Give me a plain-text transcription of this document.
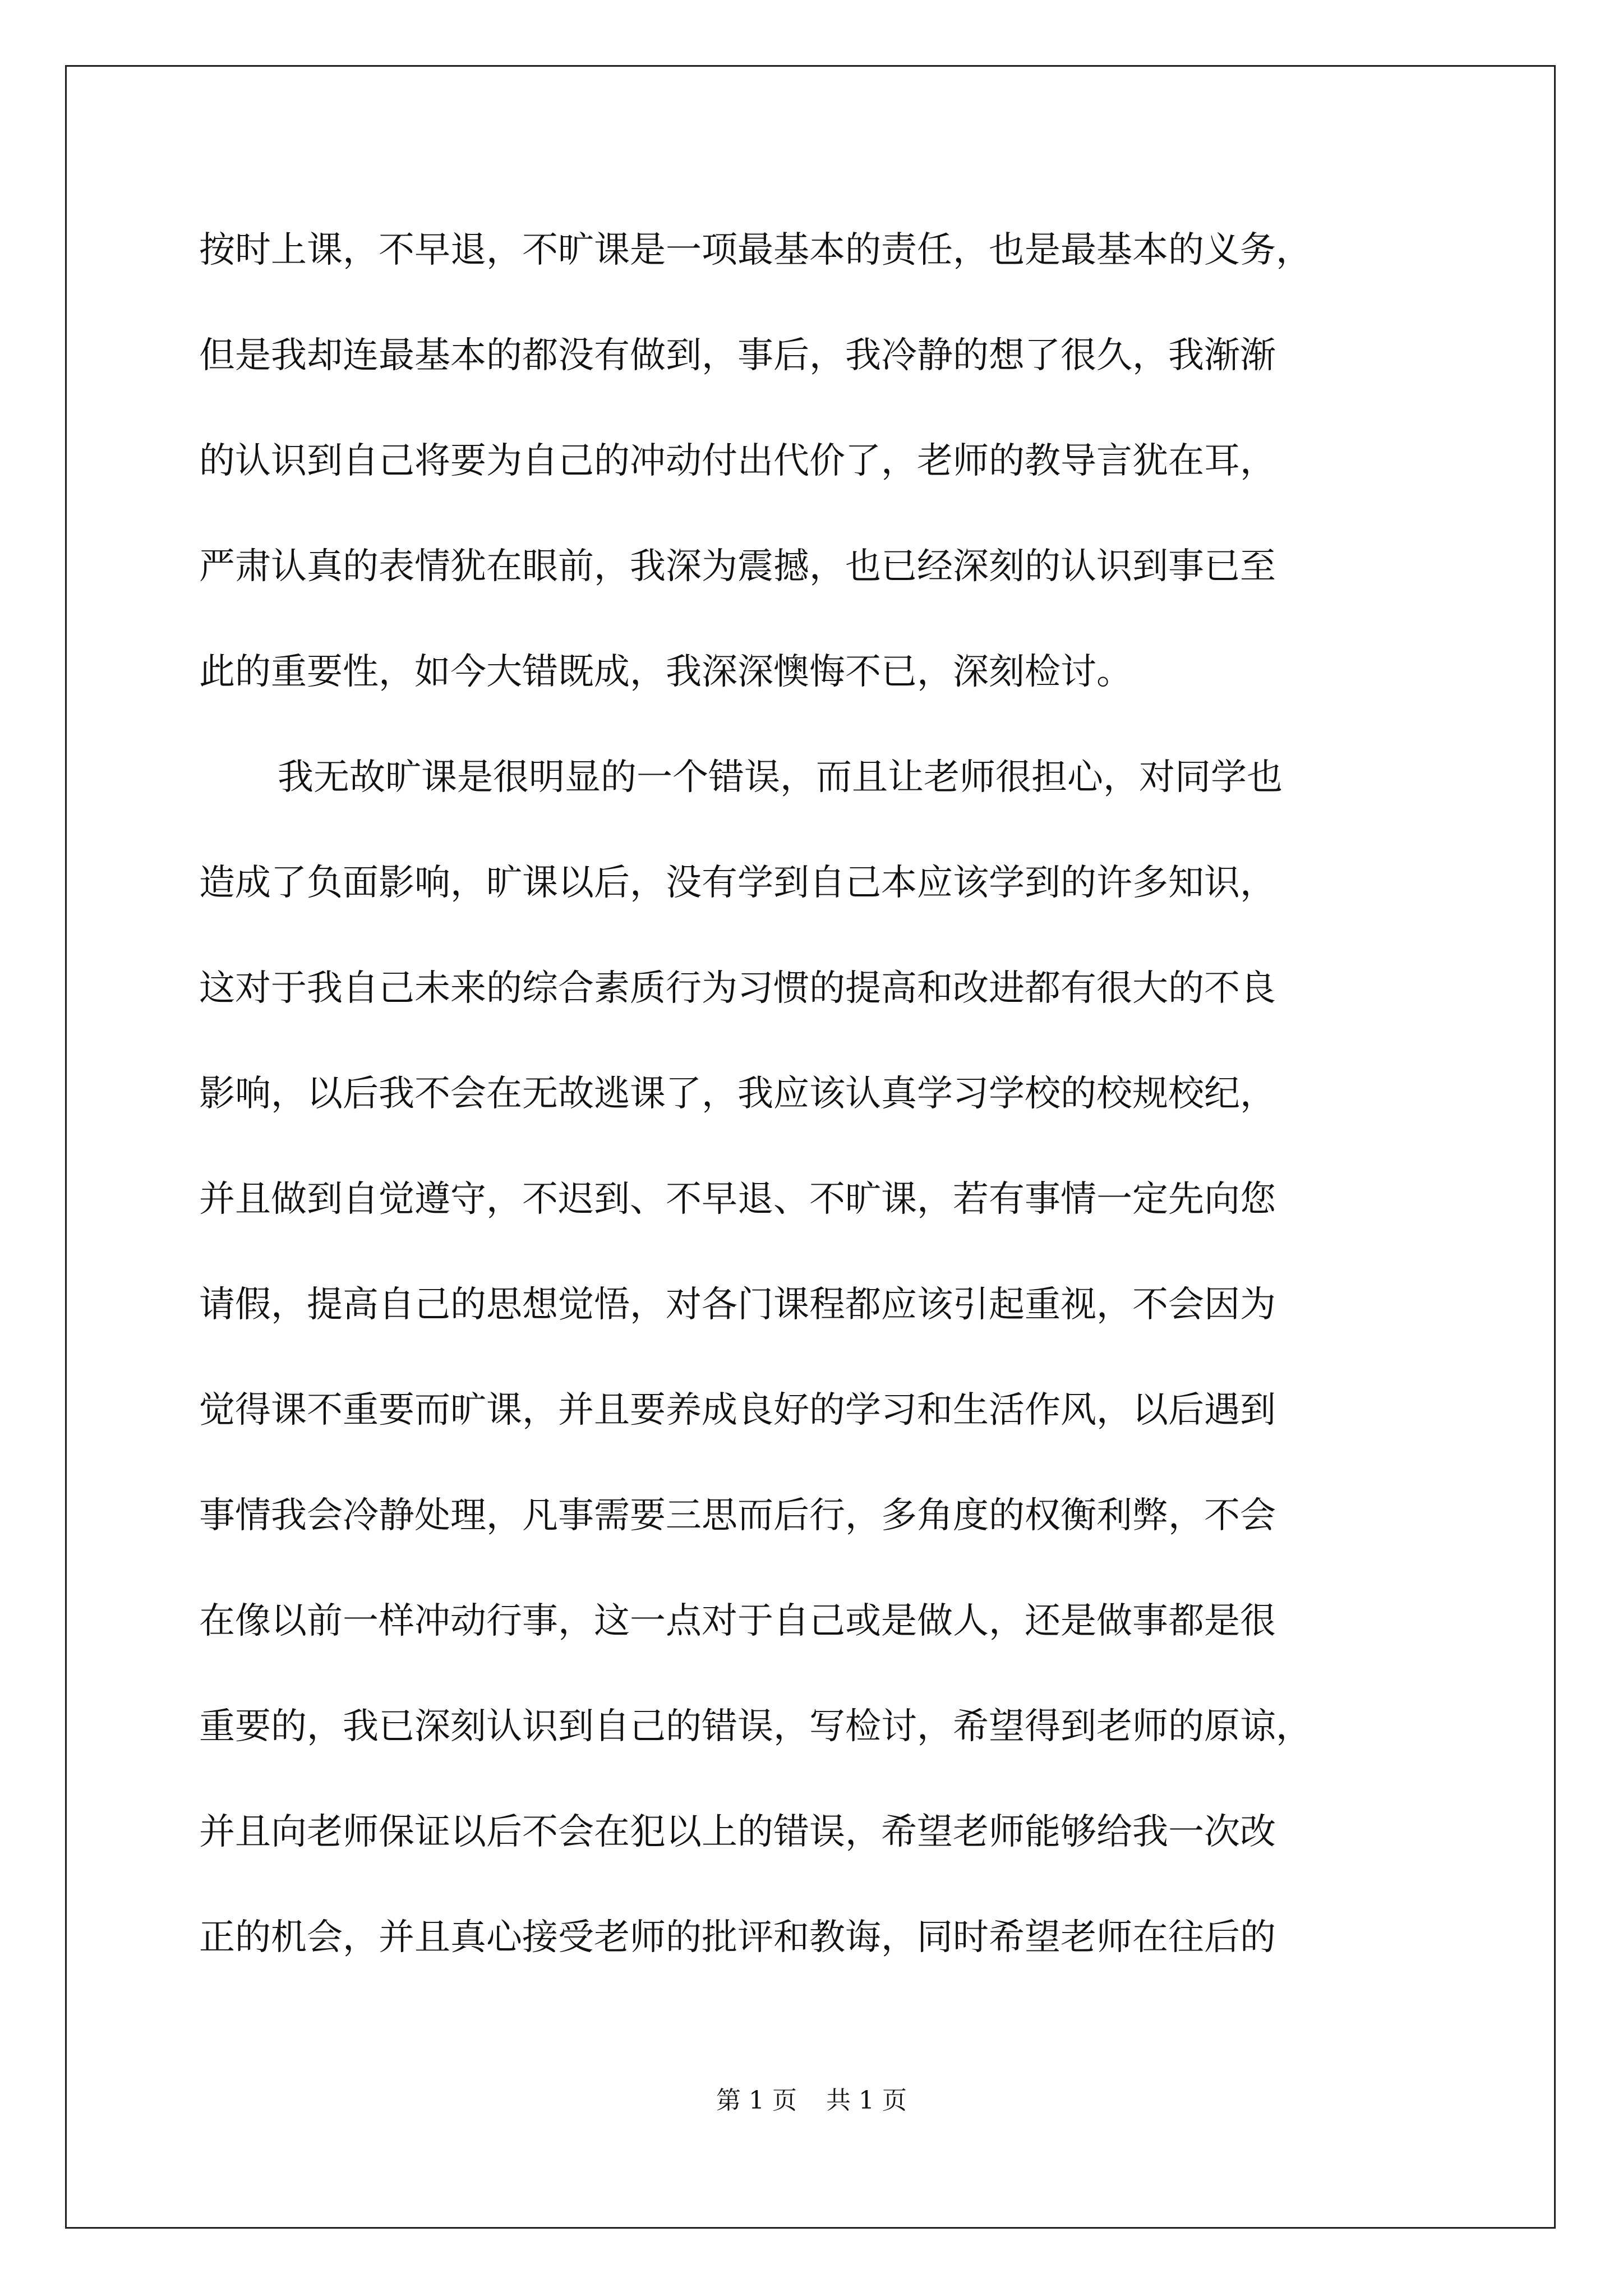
按时上课，不早退，不旷课是一项最基本的责任，也是最基本的义务，
但是我却连最基本的都没有做到，事后，我冷静的想了很久，我渐渐
的认识到自己将要为自己的冲动付出代价了，老师的教导言犹在耳，
严肃认真的表情犹在眼前，我深为震撼，也已经深刻的认识到事已至
此的重要性，如今大错既成，我深深懊悔不已，深刻检讨。
我无故旷课是很明显的一个错误，而且让老师很担心，对同学也
造成了负面影响，旷课以后，没有学到自己本应该学到的许多知识，
这对于我自己未来的综合素质行为习惯的提高和改进都有很大的不良
影响，以后我不会在无故逃课了，我应该认真学习学校的校规校纪，
并且做到自觉遵守，不迟到、不早退、不旷课，若有事情一定先向您
请假，提高自己的思想觉悟，对各门课程都应该引起重视，不会因为
觉得课不重要而旷课，并且要养成良好的学习和生活作风，以后遇到
事情我会冷静处理，凡事需要三思而后行，多角度的权衡利弊，不会
在像以前一样冲动行事，这一点对于自己或是做人，还是做事都是很
重要的，我已深刻认识到自己的错误，写检讨，希望得到老师的原谅，
并且向老师保证以后不会在犯以上的错误，希望老师能够给我一次改
正的机会，并且真心接受老师的批评和教诲，同时希望老师在往后的
第 1 页 共 1 页
